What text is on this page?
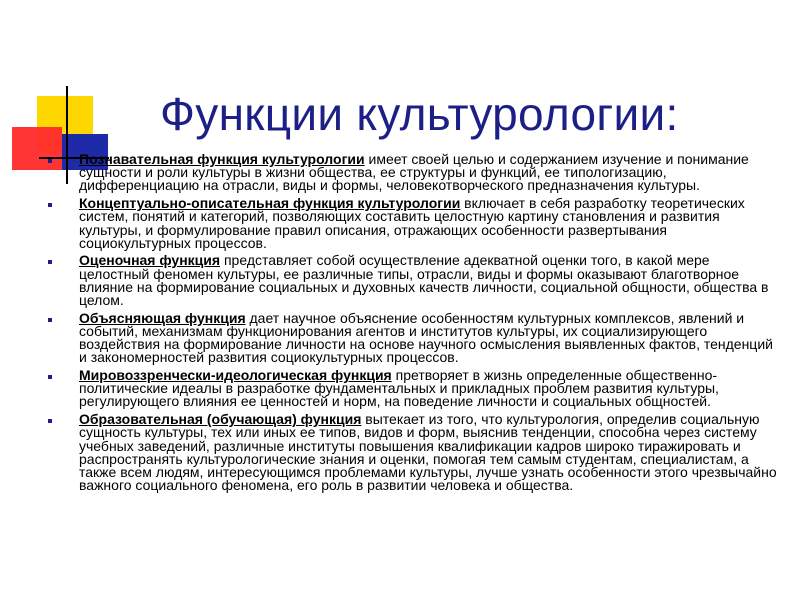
Функции культурологии:
Познавательная функция культурологии имеет своей целью и содержанием изучение и понимание сущности и роли культуры в жизни общества, ее структуры и функций, ее типологизацию, дифференциацию на отрасли, виды и формы, человекотворческого предназначения культуры.
Концептуально-описательная функция культурологии включает в себя разработку теоретических систем, понятий и категорий, позволяющих составить целостную картину становления и развития культуры, и формулирование правил описания, отражающих особенности развертывания социокультурных процессов.
Оценочная функция представляет собой осуществление адекватной оценки того, в какой мере целостный феномен культуры, ее различные типы, отрасли, виды и формы оказывают благотворное влияние на формирование социальных и духовных качеств личности, социальной общности, общества в целом.
Объясняющая функция дает научное объяснение особенностям культурных комплексов, явлений и событий, механизмам функционирования агентов и институтов культуры, их социализирующего воздействия на формирование личности на основе научного осмысления выявленных фактов, тенденций и закономерностей развития социокультурных процессов.
Мировоззренчески-идеологическая функция претворяет в жизнь определенные общественно-политические идеалы в разработке фундаментальных и прикладных проблем развития культуры, регулирующего влияния ее ценностей и норм, на поведение личности и социальных общностей.
Образовательная (обучающая) функция вытекает из того, что культурология, определив социальную сущность культуры, тех или иных ее типов, видов и форм, выяснив тенденции, способна через систему учебных заведений, различные институты повышения квалификации кадров широко тиражировать и распространять культурологические знания и оценки, помогая тем самым студентам, специалистам, а также всем людям, интересующимся проблемами культуры, лучше узнать особенности этого чрезвычайно важного социального феномена, его роль в развитии человека и общества.
